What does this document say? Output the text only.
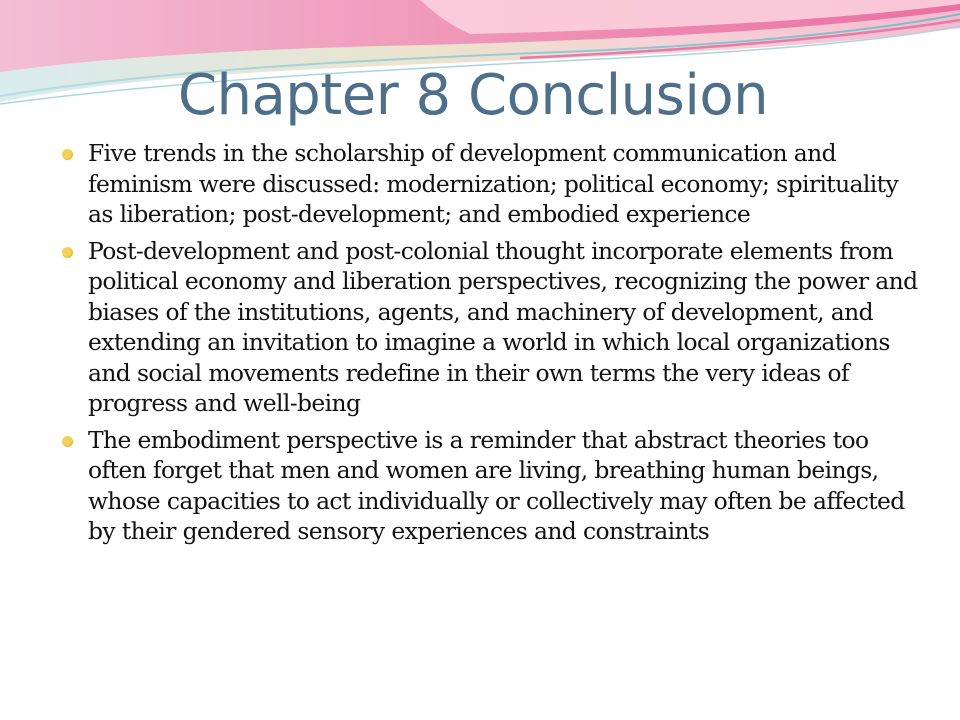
Chapter 8 Conclusion
Five trends in the scholarship of development communication and feminism were discussed: modernization; political economy; spirituality as liberation; post-development; and embodied experience
Post-development and post-colonial thought incorporate elements from political economy and liberation perspectives, recognizing the power and biases of the institutions, agents, and machinery of development, and extending an invitation to imagine a world in which local organizations and social movements redefine in their own terms the very ideas of progress and well-being
The embodiment perspective is a reminder that abstract theories too often forget that men and women are living, breathing human beings, whose capacities to act individually or collectively may often be affected by their gendered sensory experiences and constraints
